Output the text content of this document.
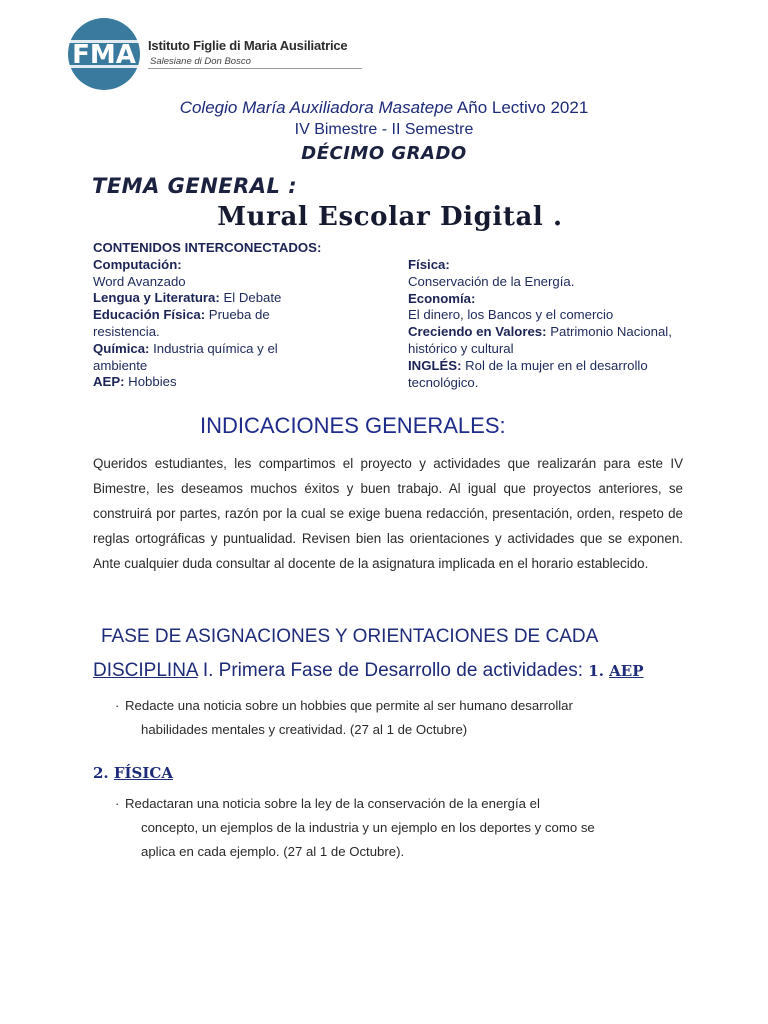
FMA Istituto Figlie di Maria Ausiliatrice
Salesiane di Don Bosco
Colegio María Auxiliadora Masatepe Año Lectivo 2021
IV Bimestre - II Semestre
DÉCIMO GRADO
TEMA GENERAL :
Mural Escolar Digital .
CONTENIDOS INTERCONECTADOS:
Computación:
Word Avanzado
Lengua y Literatura: El Debate
Educación Física: Prueba de resistencia.
Química: Industria química y el ambiente
AEP: Hobbies
Física:
Conservación de la Energía.
Economía:
El dinero, los Bancos y el comercio
Creciendo en Valores: Patrimonio Nacional, histórico y cultural
INGLÉS: Rol de la mujer en el desarrollo tecnológico.
INDICACIONES GENERALES:
Queridos estudiantes, les compartimos el proyecto y actividades que realizarán para este IV Bimestre, les deseamos muchos éxitos y buen trabajo. Al igual que proyectos anteriores, se construirá por partes, razón por la cual se exige buena redacción, presentación, orden, respeto de reglas ortográficas y puntualidad. Revisen bien las orientaciones y actividades que se exponen. Ante cualquier duda consultar al docente de la asignatura implicada en el horario establecido.
FASE DE ASIGNACIONES Y ORIENTACIONES DE CADA
DISCIPLINA I. Primera Fase de Desarrollo de actividades: 1. AEP
· Redacte una noticia sobre un hobbies que permite al ser humano desarrollar
habilidades mentales y creatividad. (27 al 1 de Octubre)
2. FÍSICA
· Redactaran una noticia sobre la ley de la conservación de la energía el
concepto, un ejemplos de la industria y un ejemplo en los deportes y como se
aplica en cada ejemplo. (27 al 1 de Octubre).
